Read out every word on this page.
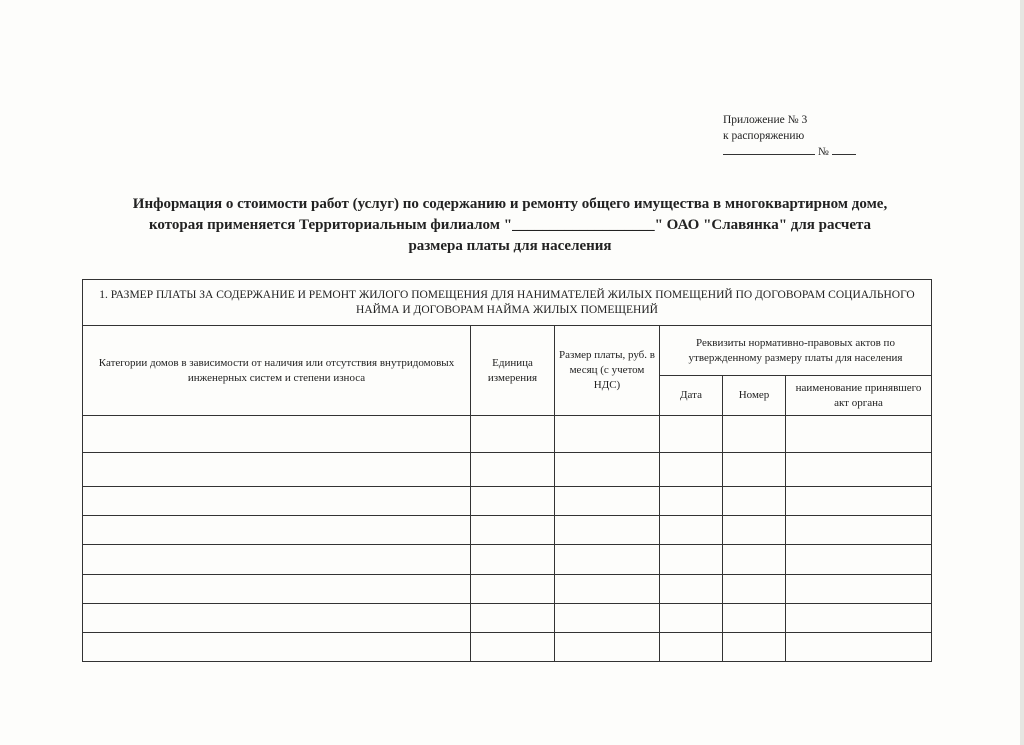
Приложение № 3
к распоряжению
№
Информация о стоимости работ (услуг) по содержанию и ремонту общего имущества в многоквартирном доме,
которая применяется Территориальным филиалом "___________________" ОАО "Славянка" для расчета
размера платы для населения
1. РАЗМЕР ПЛАТЫ ЗА СОДЕРЖАНИЕ И РЕМОНТ ЖИЛОГО ПОМЕЩЕНИЯ ДЛЯ НАНИМАТЕЛЕЙ ЖИЛЫХ ПОМЕЩЕНИЙ ПО ДОГОВОРАМ СОЦИАЛЬНОГО НАЙМА И ДОГОВОРАМ НАЙМА ЖИЛЫХ ПОМЕЩЕНИЙ					
Категории домов в зависимости от наличия или отсутствия внутридомовых инженерных систем и степени износа	Единица измерения	Размер платы, руб. в месяц (с учетом НДС)	Реквизиты нормативно-правовых актов по утвержденному размеру платы для населения		
			Дата	Номер	наименование принявшего акт органа
